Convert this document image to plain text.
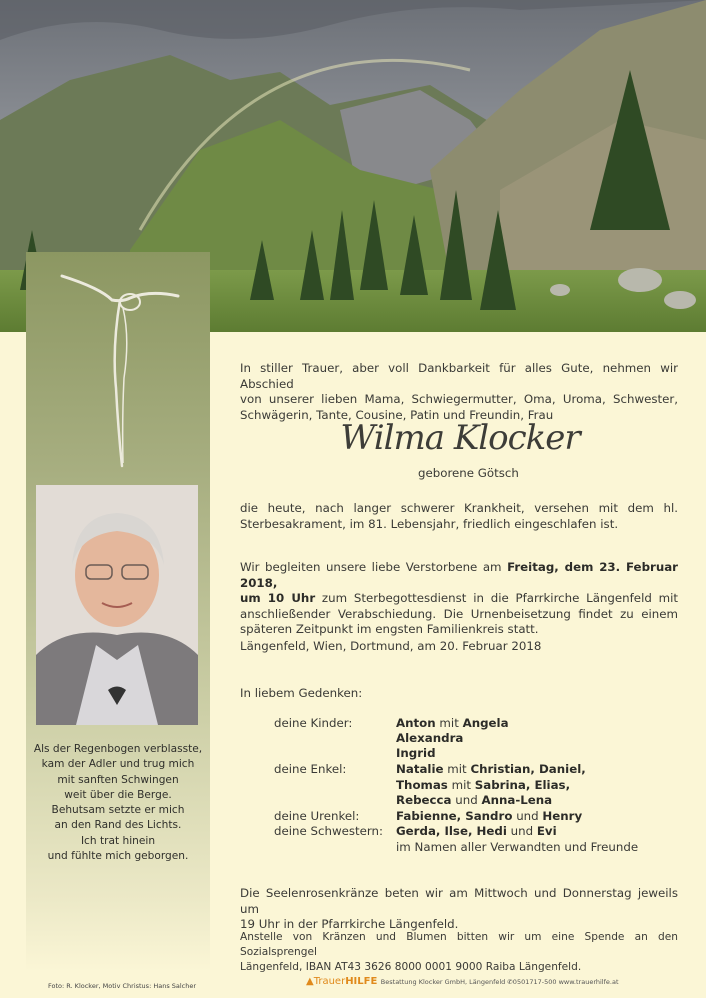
Als der Regenbogen verblasste,
kam der Adler und trug mich
mit sanften Schwingen
weit über die Berge.
Behutsam setzte er mich
an den Rand des Lichts.
Ich trat hinein
und fühlte mich geborgen.
In stiller Trauer, aber voll Dankbarkeit für alles Gute, nehmen wir Abschied
von unserer lieben Mama, Schwiegermutter, Oma, Uroma, Schwester,
Schwägerin, Tante, Cousine, Patin und Freundin, Frau
Wilma Klocker
geborene Götsch
die heute, nach langer schwerer Krankheit, versehen mit dem hl.
Sterbesakrament, im 81. Lebensjahr, friedlich eingeschlafen ist.
Wir begleiten unsere liebe Verstorbene am Freitag, dem 23. Februar 2018,
um 10 Uhr zum Sterbegottesdienst in die Pfarrkirche Längenfeld mit
anschließender Verabschiedung. Die Urnenbeisetzung findet zu einem
späteren Zeitpunkt im engsten Familienkreis statt.
Längenfeld, Wien, Dortmund, am 20. Februar 2018
In liebem Gedenken:
deine Kinder:	Anton mit Angela
Alexandra
Ingrid
deine Enkel:	Natalie mit Christian, Daniel,
Thomas mit Sabrina, Elias,
Rebecca und Anna-Lena
deine Urenkel:	Fabienne, Sandro und Henry
deine Schwestern: Gerda, Ilse, Hedi und Evi
im Namen aller Verwandten und Freunde
Die Seelenrosenkränze beten wir am Mittwoch und Donnerstag jeweils um
19 Uhr in der Pfarrkirche Längenfeld.
Anstelle von Kränzen und Blumen bitten wir um eine Spende an den Sozialsprengel
Längenfeld, IBAN AT43 3626 8000 0001 9000 Raiba Längenfeld.
Foto: R. Klocker, Motiv Christus: Hans Salcher	▲TrauerHILFE Bestattung Klocker GmbH, Längenfeld ✆0501717-500 www.trauerhilfe.at
